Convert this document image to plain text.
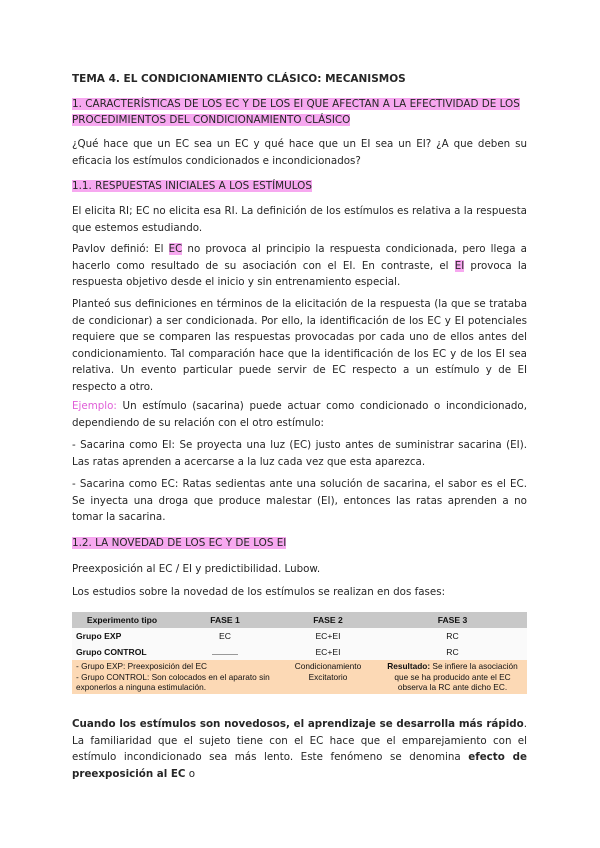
TEMA 4. EL CONDICIONAMIENTO CLÁSICO: MECANISMOS
1. CARACTERÍSTICAS DE LOS EC Y DE LOS EI QUE AFECTAN A LA EFECTIVIDAD DE LOS PROCEDIMIENTOS DEL CONDICIONAMIENTO CLÁSICO
¿Qué hace que un EC sea un EC y qué hace que un EI sea un EI? ¿A que deben su eficacia los estímulos condicionados e incondicionados?
1.1. RESPUESTAS INICIALES A LOS ESTÍMULOS
El elicita RI; EC no elicita esa RI. La definición de los estímulos es relativa a la respuesta que estemos estudiando.
Pavlov definió: El EC no provoca al principio la respuesta condicionada, pero llega a hacerlo como resultado de su asociación con el EI. En contraste, el EI provoca la respuesta objetivo desde el inicio y sin entrenamiento especial.
Planteó sus definiciones en términos de la elicitación de la respuesta (la que se trataba de condicionar) a ser condicionada. Por ello, la identificación de los EC y EI potenciales requiere que se comparen las respuestas provocadas por cada uno de ellos antes del condicionamiento. Tal comparación hace que la identificación de los EC y de los EI sea relativa. Un evento particular puede servir de EC respecto a un estímulo y de EI respecto a otro.
Ejemplo: Un estímulo (sacarina) puede actuar como condicionado o incondicionado, dependiendo de su relación con el otro estímulo:
- Sacarina como EI: Se proyecta una luz (EC) justo antes de suministrar sacarina (EI). Las ratas aprenden a acercarse a la luz cada vez que esta aparezca.
- Sacarina como EC: Ratas sedientas ante una solución de sacarina, el sabor es el EC. Se inyecta una droga que produce malestar (EI), entonces las ratas aprenden a no tomar la sacarina.
1.2. LA NOVEDAD DE LOS EC Y DE LOS EI
Preexposición al EC / EI y predictibilidad. Lubow.
Los estudios sobre la novedad de los estímulos se realizan en dos fases:
Experimento tipo	FASE 1	FASE 2	FASE 3
Grupo EXP	EC	EC+EI	RC
Grupo CONTROL		EC+EI	RC

- Grupo EXP: Preexposición del EC
- Grupo CONTROL: Son colocados en el aparato sin exponerlos a ninguna estimulación.		Condicionamiento Excitatorio	Resultado: Se infiere la asociación que se ha producido ante el EC observa la RC ante dicho EC.
Cuando los estímulos son novedosos, el aprendizaje se desarrolla más rápido. La familiaridad que el sujeto tiene con el EC hace que el emparejamiento con el estímulo incondicionado sea más lento. Este fenómeno se denomina efecto de preexposición al EC o
